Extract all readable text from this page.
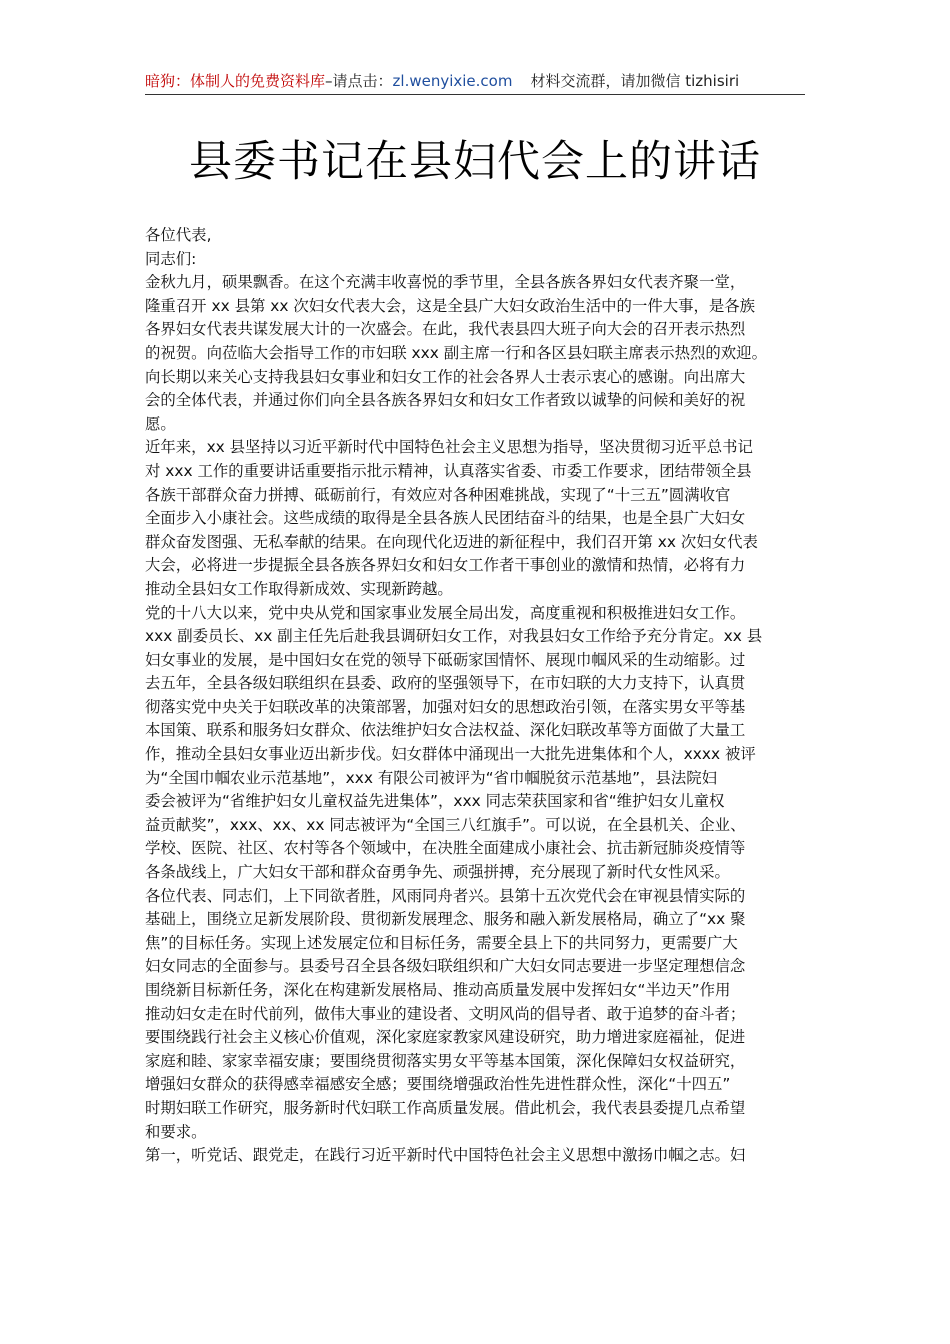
暗狗：体制人的免费资料库–请点击：zl.wenyixie.com 材料交流群，请加微信 tizhisiri
县委书记在县妇代会上的讲话
各位代表,
同志们:
金秋九月，硕果飘香。在这个充满丰收喜悦的季节里，全县各族各界妇女代表齐聚一堂，
隆重召开 xx 县第 xx 次妇女代表大会，这是全县广大妇女政治生活中的一件大事，是各族
各界妇女代表共谋发展大计的一次盛会。在此，我代表县四大班子向大会的召开表示热烈
的祝贺。向莅临大会指导工作的市妇联 xxx 副主席一行和各区县妇联主席表示热烈的欢迎。
向长期以来关心支持我县妇女事业和妇女工作的社会各界人士表示衷心的感谢。向出席大
会的全体代表，并通过你们向全县各族各界妇女和妇女工作者致以诚挚的问候和美好的祝
愿。
近年来，xx 县坚持以习近平新时代中国特色社会主义思想为指导，坚决贯彻习近平总书记
对 xxx 工作的重要讲话重要指示批示精神，认真落实省委、市委工作要求，团结带领全县
各族干部群众奋力拼搏、砥砺前行，有效应对各种困难挑战，实现了“十三五”圆满收官
全面步入小康社会。这些成绩的取得是全县各族人民团结奋斗的结果，也是全县广大妇女
群众奋发图强、无私奉献的结果。在向现代化迈进的新征程中，我们召开第 xx 次妇女代表
大会，必将进一步提振全县各族各界妇女和妇女工作者干事创业的激情和热情，必将有力
推动全县妇女工作取得新成效、实现新跨越。
党的十八大以来，党中央从党和国家事业发展全局出发，高度重视和积极推进妇女工作。
xxx 副委员长、xx 副主任先后赴我县调研妇女工作，对我县妇女工作给予充分肯定。xx 县
妇女事业的发展，是中国妇女在党的领导下砥砺家国情怀、展现巾帼风采的生动缩影。过
去五年，全县各级妇联组织在县委、政府的坚强领导下，在市妇联的大力支持下，认真贯
彻落实党中央关于妇联改革的决策部署，加强对妇女的思想政治引领，在落实男女平等基
本国策、联系和服务妇女群众、依法维护妇女合法权益、深化妇联改革等方面做了大量工
作，推动全县妇女事业迈出新步伐。妇女群体中涌现出一大批先进集体和个人，xxxx 被评
为“全国巾帼农业示范基地”，xxx 有限公司被评为“省巾帼脱贫示范基地”，县法院妇
委会被评为“省维护妇女儿童权益先进集体”，xxx 同志荣获国家和省“维护妇女儿童权
益贡献奖”，xxx、xx、xx 同志被评为“全国三八红旗手”。可以说，在全县机关、企业、
学校、医院、社区、农村等各个领域中，在决胜全面建成小康社会、抗击新冠肺炎疫情等
各条战线上，广大妇女干部和群众奋勇争先、顽强拼搏，充分展现了新时代女性风采。
各位代表、同志们，上下同欲者胜，风雨同舟者兴。县第十五次党代会在审视县情实际的
基础上，围绕立足新发展阶段、贯彻新发展理念、服务和融入新发展格局，确立了“xx 聚
焦”的目标任务。实现上述发展定位和目标任务，需要全县上下的共同努力，更需要广大
妇女同志的全面参与。县委号召全县各级妇联组织和广大妇女同志要进一步坚定理想信念
围绕新目标新任务，深化在构建新发展格局、推动高质量发展中发挥妇女“半边天”作用
推动妇女走在时代前列，做伟大事业的建设者、文明风尚的倡导者、敢于追梦的奋斗者；
要围绕践行社会主义核心价值观，深化家庭家教家风建设研究，助力增进家庭福祉，促进
家庭和睦、家家幸福安康；要围绕贯彻落实男女平等基本国策，深化保障妇女权益研究，
增强妇女群众的获得感幸福感安全感；要围绕增强政治性先进性群众性，深化“十四五”
时期妇联工作研究，服务新时代妇联工作高质量发展。借此机会，我代表县委提几点希望
和要求。
第一，听党话、跟党走，在践行习近平新时代中国特色社会主义思想中激扬巾帼之志。妇
